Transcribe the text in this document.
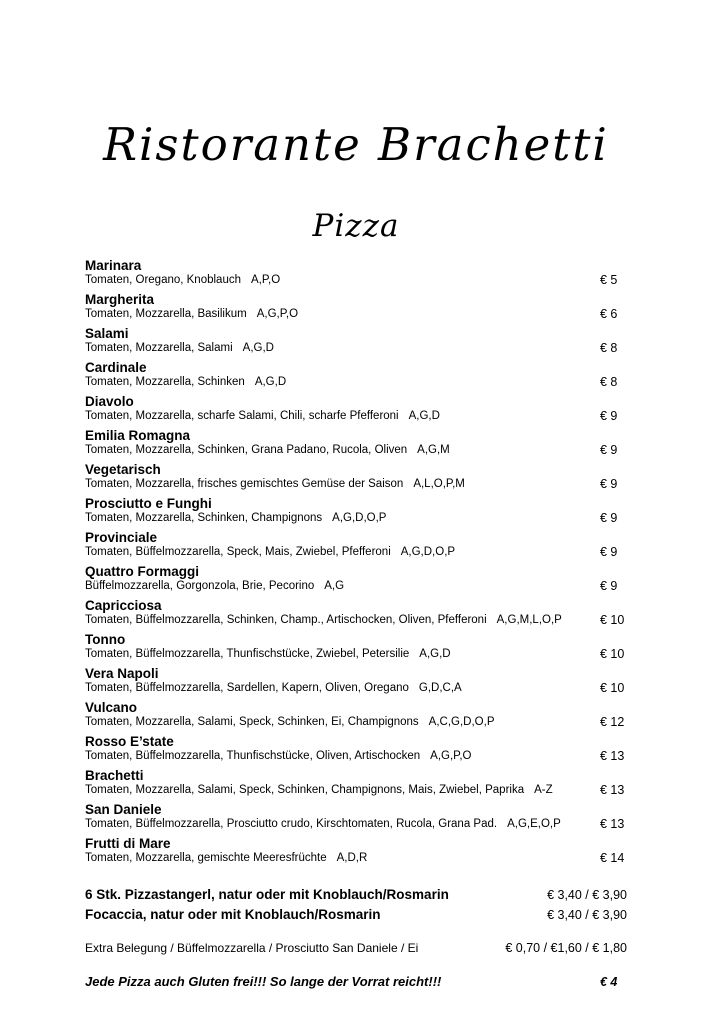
Ristorante Brachetti
Pizza
Marinara
Tomaten, Oregano, Knoblauch A,P,O	€ 5
Margherita
Tomaten, Mozzarella, Basilikum A,G,P,O	€ 6
Salami
Tomaten, Mozzarella, Salami A,G,D	€ 8
Cardinale
Tomaten, Mozzarella, Schinken A,G,D	€ 8
Diavolo
Tomaten, Mozzarella, scharfe Salami, Chili, scharfe Pfefferoni A,G,D	€ 9
Emilia Romagna
Tomaten, Mozzarella, Schinken, Grana Padano, Rucola, Oliven A,G,M	€ 9
Vegetarisch
Tomaten, Mozzarella, frisches gemischtes Gemüse der Saison A,L,O,P,M	€ 9
Prosciutto e Funghi
Tomaten, Mozzarella, Schinken, Champignons A,G,D,O,P	€ 9
Provinciale
Tomaten, Büffelmozzarella, Speck, Mais, Zwiebel, Pfefferoni A,G,D,O,P	€ 9
Quattro Formaggi
Büffelmozzarella, Gorgonzola, Brie, Pecorino A,G	€ 9
Capricciosa
Tomaten, Büffelmozzarella, Schinken, Champ., Artischocken, Oliven, Pfefferoni A,G,M,L,O,P	€ 10
Tonno
Tomaten, Büffelmozzarella, Thunfischstücke, Zwiebel, Petersilie A,G,D	€ 10
Vera Napoli
Tomaten, Büffelmozzarella, Sardellen, Kapern, Oliven, Oregano G,D,C,A	€ 10
Vulcano
Tomaten, Mozzarella, Salami, Speck, Schinken, Ei, Champignons A,C,G,D,O,P	€ 12
Rosso E’state
Tomaten, Büffelmozzarella, Thunfischstücke, Oliven, Artischocken A,G,P,O	€ 13
Brachetti
Tomaten, Mozzarella, Salami, Speck, Schinken, Champignons, Mais, Zwiebel, Paprika A-Z	€ 13
San Daniele
Tomaten, Büffelmozzarella, Prosciutto crudo, Kirschtomaten, Rucola, Grana Pad. A,G,E,O,P	€ 13
Frutti di Mare
Tomaten, Mozzarella, gemischte Meeresfrüchte A,D,R	€ 14
6 Stk. Pizzastangerl, natur oder mit Knoblauch/Rosmarin	€ 3,40 / € 3,90
Focaccia, natur oder mit Knoblauch/Rosmarin	€ 3,40 / € 3,90
Extra Belegung / Büffelmozzarella / Prosciutto San Daniele / Ei	€ 0,70 / €1,60 / € 1,80
Jede Pizza auch Gluten frei!!! So lange der Vorrat reicht!!!	€ 4
